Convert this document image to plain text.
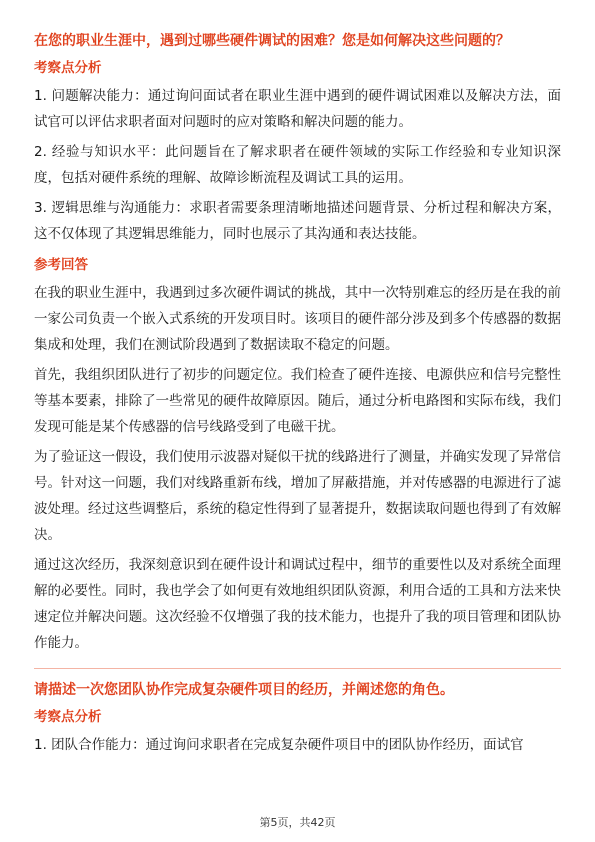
在您的职业生涯中，遇到过哪些硬件调试的困难？您是如何解决这些问题的？
考察点分析
1. 问题解决能力：通过询问面试者在职业生涯中遇到的硬件调试困难以及解决方法，面试官可以评估求职者面对问题时的应对策略和解决问题的能力。
2. 经验与知识水平：此问题旨在了解求职者在硬件领域的实际工作经验和专业知识深度，包括对硬件系统的理解、故障诊断流程及调试工具的运用。
3. 逻辑思维与沟通能力：求职者需要条理清晰地描述问题背景、分析过程和解决方案，这不仅体现了其逻辑思维能力，同时也展示了其沟通和表达技能。
参考回答
在我的职业生涯中，我遇到过多次硬件调试的挑战，其中一次特别难忘的经历是在我的前一家公司负责一个嵌入式系统的开发项目时。该项目的硬件部分涉及到多个传感器的数据集成和处理，我们在测试阶段遇到了数据读取不稳定的问题。
首先，我组织团队进行了初步的问题定位。我们检查了硬件连接、电源供应和信号完整性等基本要素，排除了一些常见的硬件故障原因。随后，通过分析电路图和实际布线，我们发现可能是某个传感器的信号线路受到了电磁干扰。
为了验证这一假设，我们使用示波器对疑似干扰的线路进行了测量，并确实发现了异常信号。针对这一问题，我们对线路重新布线，增加了屏蔽措施，并对传感器的电源进行了滤波处理。经过这些调整后，系统的稳定性得到了显著提升，数据读取问题也得到了有效解决。
通过这次经历，我深刻意识到在硬件设计和调试过程中，细节的重要性以及对系统全面理解的必要性。同时，我也学会了如何更有效地组织团队资源，利用合适的工具和方法来快速定位并解决问题。这次经验不仅增强了我的技术能力，也提升了我的项目管理和团队协作能力。
请描述一次您团队协作完成复杂硬件项目的经历，并阐述您的角色。
考察点分析
1. 团队合作能力：通过询问求职者在完成复杂硬件项目中的团队协作经历，面试官
第5页，共42页
